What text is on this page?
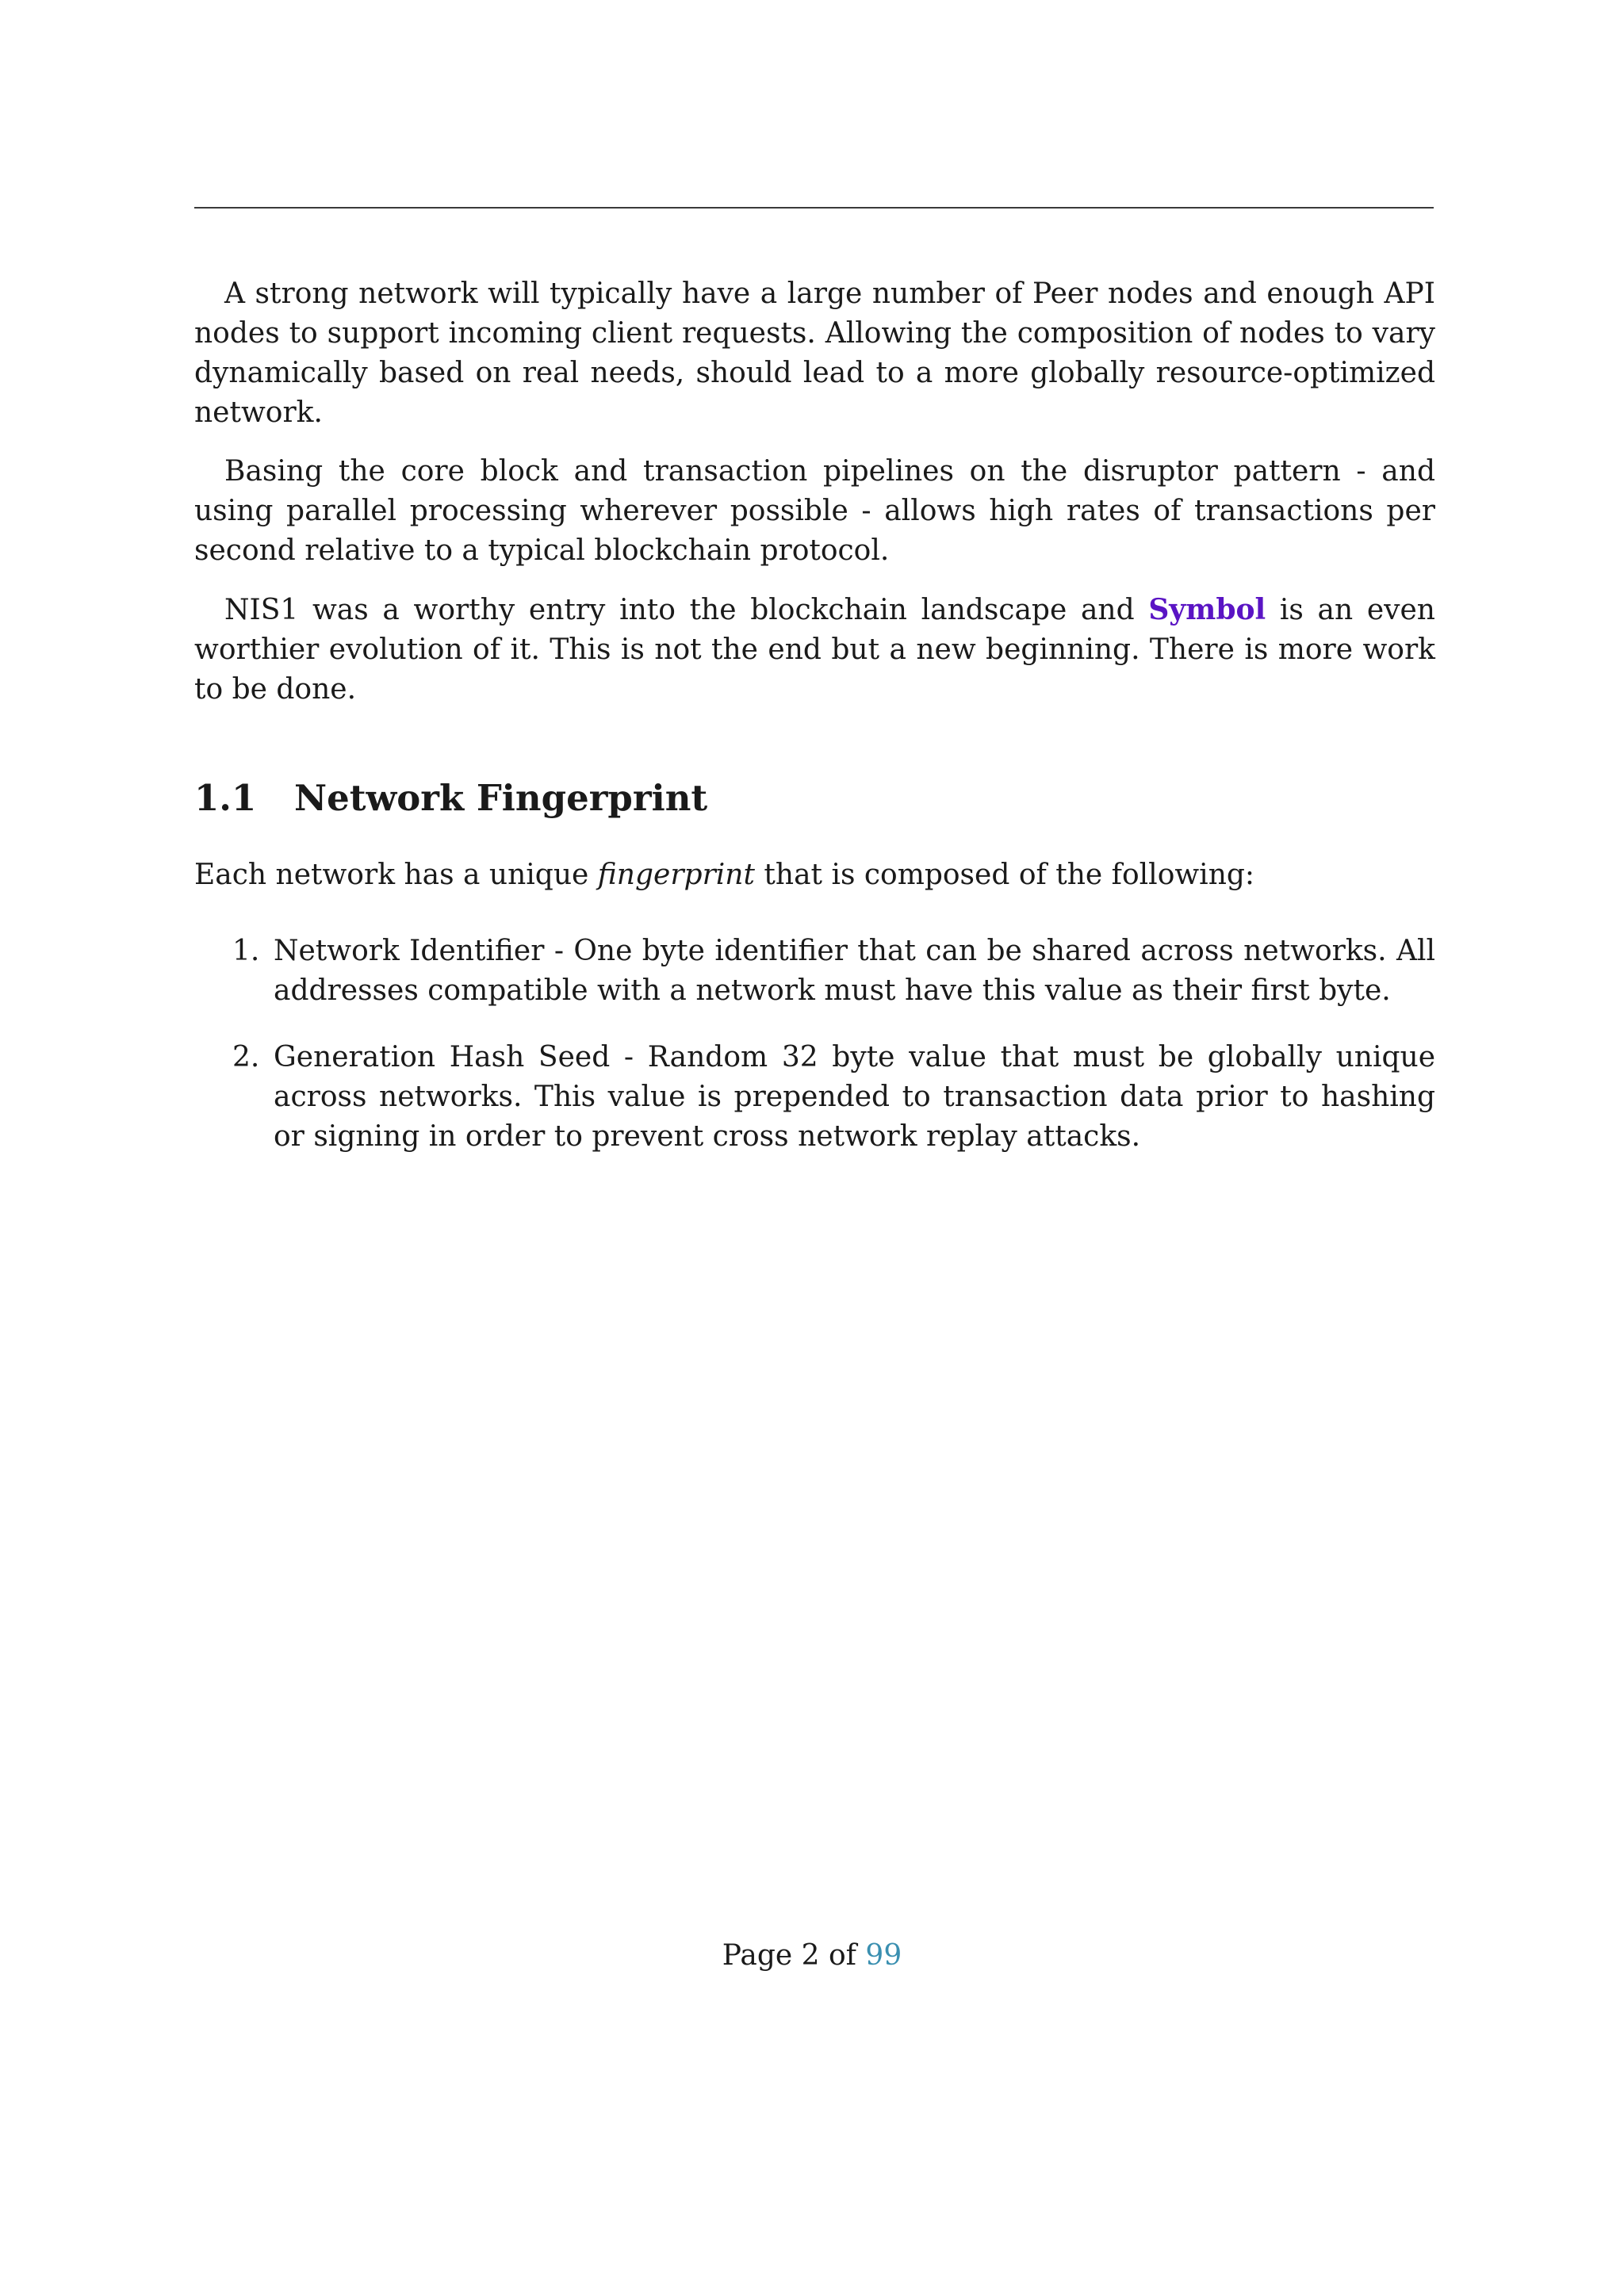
A strong network will typically have a large number of Peer nodes and enough API nodes to support incoming client requests. Allowing the composition of nodes to vary dynamically based on real needs, should lead to a more globally resource-optimized network.

Basing the core block and transaction pipelines on the disruptor pattern - and using parallel processing wherever possible - allows high rates of transactions per second relative to a typical blockchain protocol.

NIS1 was a worthy entry into the blockchain landscape and Symbol is an even worthier evolution of it. This is not the end but a new beginning. There is more work to be done.

1.1	Network Fingerprint

Each network has a unique fingerprint that is composed of the following:

1. Network Identifier - One byte identifier that can be shared across networks. All addresses compatible with a network must have this value as their first byte.
2. Generation Hash Seed - Random 32 byte value that must be globally unique across networks. This value is prepended to transaction data prior to hashing or signing in order to prevent cross network replay attacks.
Page 2 of 99
